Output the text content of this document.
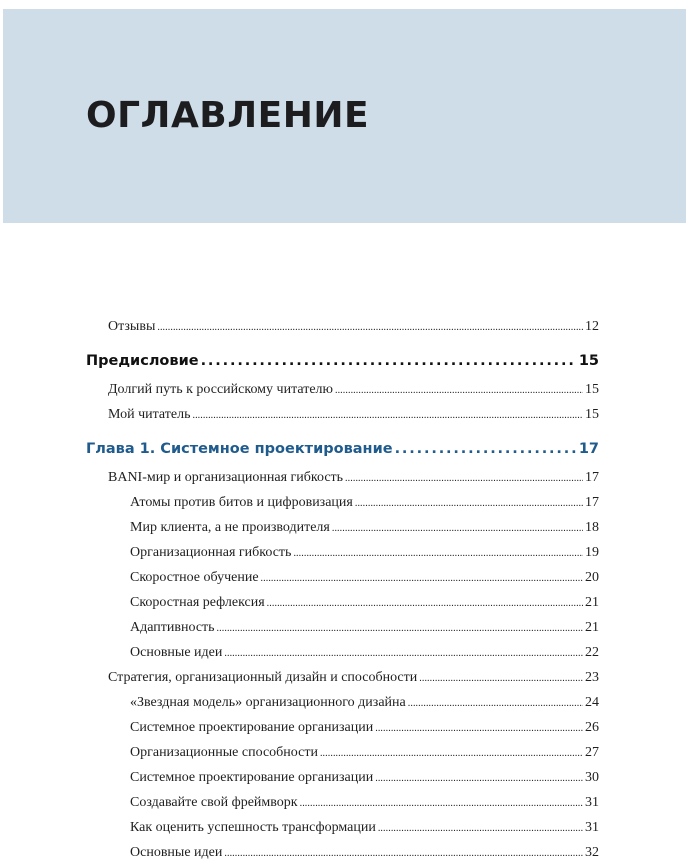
ОГЛАВЛЕНИЕ
Отзывы . . .	12
Предисловие . . .	15
Долгий путь к российскому читателю . . .	15
Мой читатель . . .	15
Глава 1. Системное проектирование . . .	17
BANI-мир и организационная гибкость . . .	17
Атомы против битов и цифровизация . . .	17
Мир клиента, а не производителя . . .	18
Организационная гибкость . . .	19
Скоростное обучение . . .	20
Скоростная рефлексия . . .	21
Адаптивность . . .	21
Основные идеи . . .	22
Стратегия, организационный дизайн и способности . . .	23
«Звездная модель» организационного дизайна . . .	24
Системное проектирование организации . . .	26
Организационные способности . . .	27
Системное проектирование организации . . .	30
Создавайте свой фреймворк . . .	31
Как оценить успешность трансформации . . .	31
Основные идеи . . .	32
